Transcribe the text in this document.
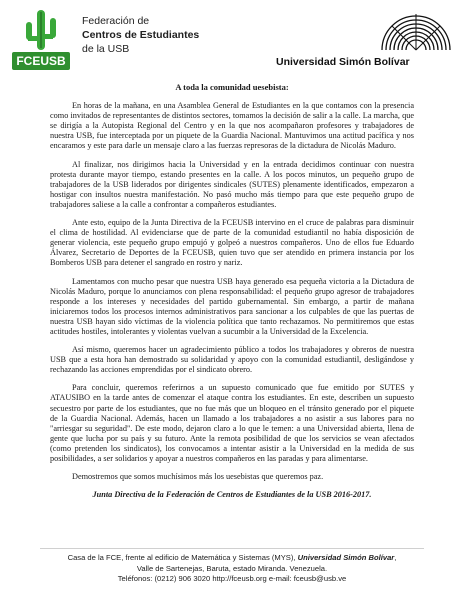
FCEUSB
Federación de
Centros de Estudiantes
de la USB
Universidad Simón Bolívar
A toda la comunidad uesebista:

En horas de la mañana, en una Asamblea General de Estudiantes en la que contamos con la presencia como invitados de representantes de distintos sectores, tomamos la decisión de salir a la calle. La marcha, que se dirigía a la Autopista Regional del Centro y en la que nos acompañaron profesores y trabajadores de nuestra USB, fue interceptada por un piquete de la Guardia Nacional. Mantuvimos una actitud pacífica y nos encaramos y este para darle un mensaje claro a las fuerzas represoras de la dictadura de Nicolás Maduro.

Al finalizar, nos dirigimos hacia la Universidad y en la entrada decidimos continuar con nuestra protesta durante mayor tiempo, estando presentes en la calle. A los pocos minutos, un pequeño grupo de trabajadores de la USB liderados por dirigentes sindicales (SUTES) plenamente identificados, empezaron a hostigar con insultos nuestra manifestación. No pasó mucho más tiempo para que este pequeño grupo de trabajadores saliese a la calle a confrontar a compañeros estudiantes.

Ante esto, equipo de la Junta Directiva de la FCEUSB intervino en el cruce de palabras para disminuir el clima de hostilidad. Al evidenciarse que de parte de la comunidad estudiantil no había disposición de generar violencia, este pequeño grupo empujó y golpeó a nuestros compañeros. Uno de ellos fue Eduardo Álvarez, Secretario de Deportes de la FCEUSB, quien tuvo que ser atendido en primera instancia por los Bomberos USB para detener el sangrado en rostro y nariz.

Lamentamos con mucho pesar que nuestra USB haya generado esa pequeña victoria a la Dictadura de Nicolás Maduro, porque lo anunciamos con plena responsabilidad: el pequeño grupo agresor de trabajadores responde a los intereses y necesidades del partido gubernamental. Sin embargo, a partir de mañana iniciaremos todos los procesos internos administrativos para sancionar a los culpables de que las puertas de nuestra USB hayan sido víctimas de la violencia política que tanto rechazamos. No permitiremos que estas actitudes hostiles, intolerantes y violentas vuelvan a sucumbir a la Universidad de la Excelencia.

Así mismo, queremos hacer un agradecimiento público a todos los trabajadores y obreros de nuestra USB que a esta hora han demostrado su solidaridad y apoyo con la comunidad estudiantil, desligándose y rechazando las acciones emprendidas por el sindicato obrero.

Para concluir, queremos referirnos a un supuesto comunicado que fue emitido por SUTES y ATAUSIBO en la tarde antes de comenzar el ataque contra los estudiantes. En este, describen un supuesto secuestro por parte de los estudiantes, que no fue más que un bloqueo en el tránsito generado por el piquete de la Guardia Nacional. Además, hacen un llamado a los trabajadores a no asistir a sus labores para no "arriesgar su seguridad". De este modo, dejaron claro a lo que le temen: a una Universidad abierta, llena de gente que lucha por su país y su futuro. Ante la remota posibilidad de que los servicios se vean afectados (como pretenden los sindicatos), los convocamos a intentar asistir a la Universidad en la medida de sus posibilidades, a ser solidarios y apoyar a nuestros compañeros en las paradas y para alimentarse.

Demostremos que somos muchísimos más los uesebistas que queremos paz.

Junta Directiva de la Federación de Centros de Estudiantes de la USB 2016-2017.

Casa de la FCE, frente al edificio de Matemática y Sistemas (MYS), Universidad Simón Bolívar,
Valle de Sartenejas, Baruta, estado Miranda. Venezuela.
Teléfonos: (0212) 906 3020 http://fceusb.org e-mail: fceusb@usb.ve
